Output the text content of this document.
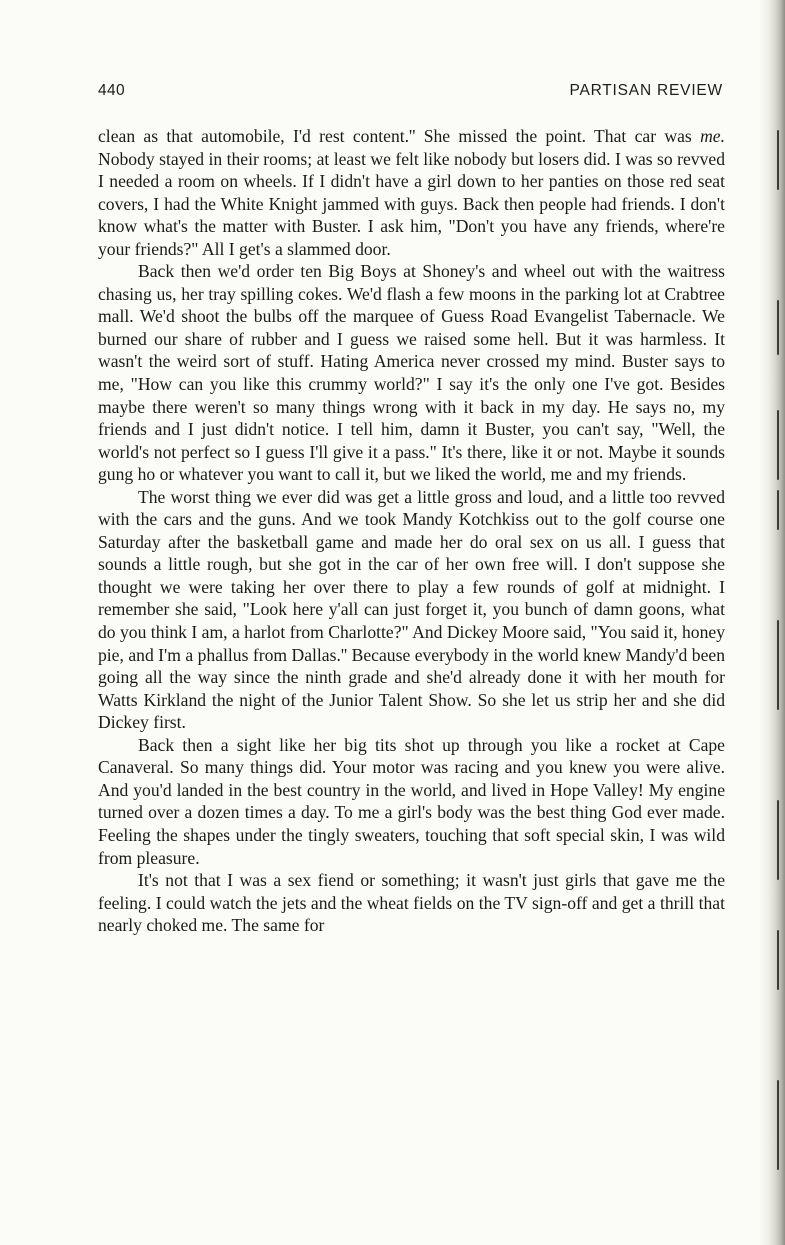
440	PARTISAN REVIEW

clean as that automobile, I'd rest content.'' She missed the point. That car was me. Nobody stayed in their rooms; at least we felt like nobody but losers did. I was so revved I needed a room on wheels. If I didn't have a girl down to her panties on those red seat covers, I had the White Knight jammed with guys. Back then people had friends. I don't know what's the matter with Buster. I ask him, "Don't you have any friends, where're your friends?" All I get's a slammed door.

Back then we'd order ten Big Boys at Shoney's and wheel out with the waitress chasing us, her tray spilling cokes. We'd flash a few moons in the parking lot at Crabtree mall. We'd shoot the bulbs off the marquee of Guess Road Evangelist Tabernacle. We burned our share of rubber and I guess we raised some hell. But it was harmless. It wasn't the weird sort of stuff. Hating America never crossed my mind. Buster says to me, "How can you like this crummy world?" I say it's the only one I've got. Besides maybe there weren't so many things wrong with it back in my day. He says no, my friends and I just didn't notice. I tell him, damn it Buster, you can't say, "Well, the world's not perfect so I guess I'll give it a pass." It's there, like it or not. Maybe it sounds gung ho or whatever you want to call it, but we liked the world, me and my friends.

The worst thing we ever did was get a little gross and loud, and a little too revved with the cars and the guns. And we took Mandy Kotchkiss out to the golf course one Saturday after the basketball game and made her do oral sex on us all. I guess that sounds a little rough, but she got in the car of her own free will. I don't suppose she thought we were taking her over there to play a few rounds of golf at midnight. I remember she said, "Look here y'all can just forget it, you bunch of damn goons, what do you think I am, a harlot from Charlotte?" And Dickey Moore said, "You said it, honey pie, and I'm a phallus from Dallas.'' Because everybody in the world knew Mandy'd been going all the way since the ninth grade and she'd already done it with her mouth for Watts Kirkland the night of the Junior Talent Show. So she let us strip her and she did Dickey first.

Back then a sight like her big tits shot up through you like a rocket at Cape Canaveral. So many things did. Your motor was racing and you knew you were alive. And you'd landed in the best country in the world, and lived in Hope Valley! My engine turned over a dozen times a day. To me a girl's body was the best thing God ever made. Feeling the shapes under the tingly sweaters, touching that soft special skin, I was wild from pleasure.

It's not that I was a sex fiend or something; it wasn't just girls that gave me the feeling. I could watch the jets and the wheat fields on the TV sign-off and get a thrill that nearly choked me. The same for
